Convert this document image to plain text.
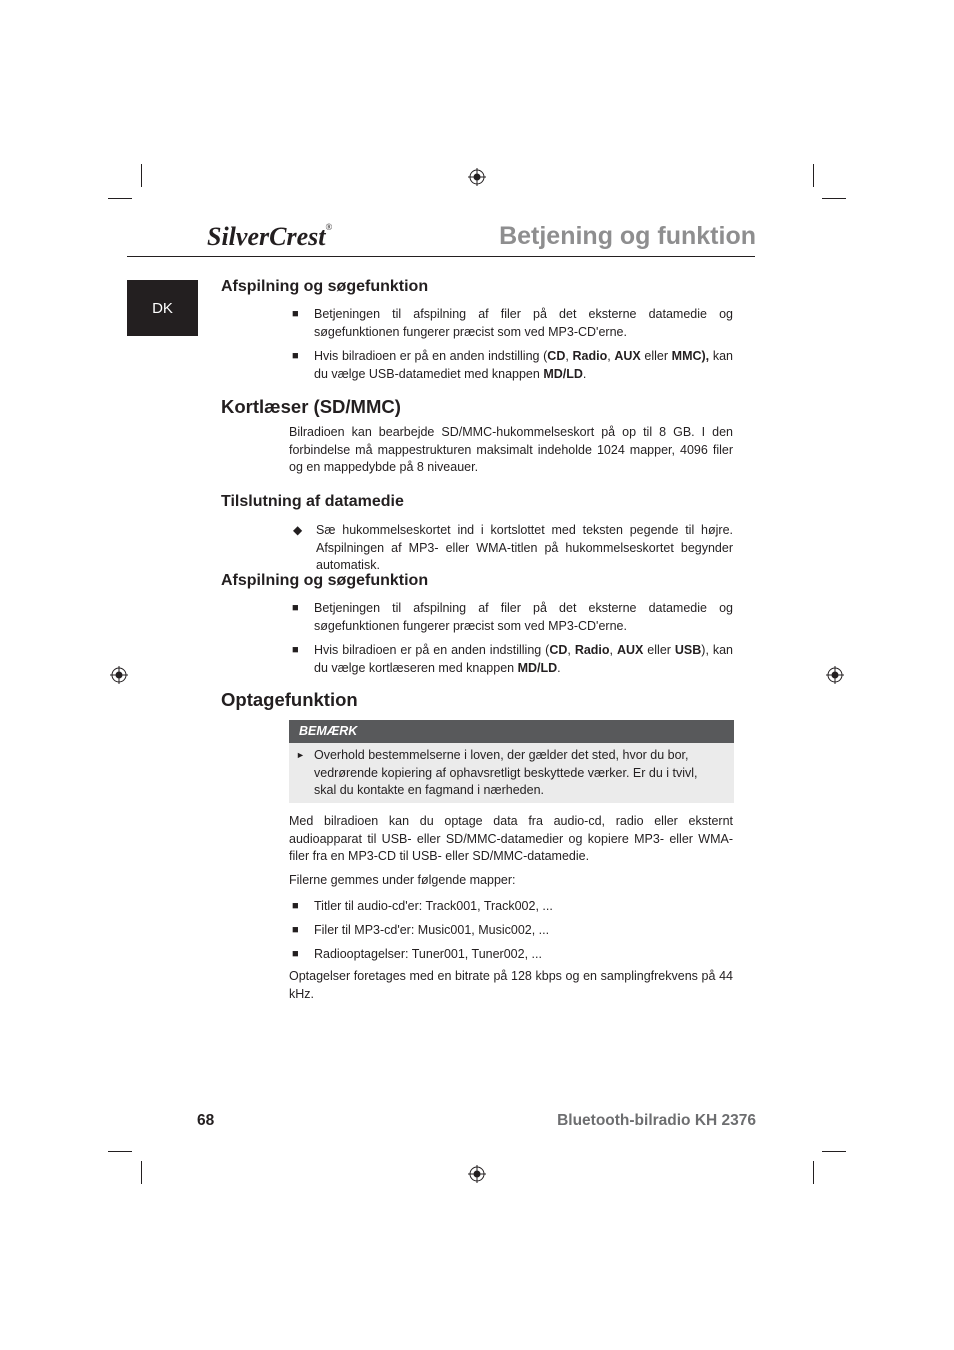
SilverCrest®	Betjening og funktion
DK
Afspilning og søgefunktion
■	Betjeningen til afspilning af filer på det eksterne datamedie og søgefunktionen fungerer præcist som ved MP3-CD'erne.
■	Hvis bilradioen er på en anden indstilling (CD, Radio, AUX eller MMC), kan du vælge USB-datamediet med knappen MD/LD.
Kortlæser (SD/MMC)
Bilradioen kan bearbejde SD/MMC-hukommelseskort på op til 8 GB. I den forbindelse må mappestrukturen maksimalt indeholde 1024 mapper, 4096 filer og en mappedybde på 8 niveauer.
Tilslutning af datamedie
◆	Sæ hukommelseskortet ind i kortslottet med teksten pegende til højre. Afspilningen af MP3- eller WMA-titlen på hukommelseskortet begynder automatisk.
Afspilning og søgefunktion
■	Betjeningen til afspilning af filer på det eksterne datamedie og søgefunktionen fungerer præcist som ved MP3-CD'erne.
■	Hvis bilradioen er på en anden indstilling (CD, Radio, AUX eller USB), kan du vælge kortlæseren med knappen MD/LD.
Optagefunktion
BEMÆRK
► Overhold bestemmelserne i loven, der gælder det sted, hvor du bor, vedrørende kopiering af ophavsretligt beskyttede værker. Er du i tvivl, skal du kontakte en fagmand i nærheden.
Med bilradioen kan du optage data fra audio-cd, radio eller eksternt audioapparat til USB- eller SD/MMC-datamedier og kopiere MP3- eller WMA-filer fra en MP3-CD til USB- eller SD/MMC-datamedie.
Filerne gemmes under følgende mapper:
■	Titler til audio-cd'er: Track001, Track002, ...
■	Filer til MP3-cd'er: Music001, Music002, ...
■	Radiooptagelser: Tuner001, Tuner002, ...
Optagelser foretages med en bitrate på 128 kbps og en samplingfrekvens på 44 kHz.
68	Bluetooth-bilradio KH 2376
